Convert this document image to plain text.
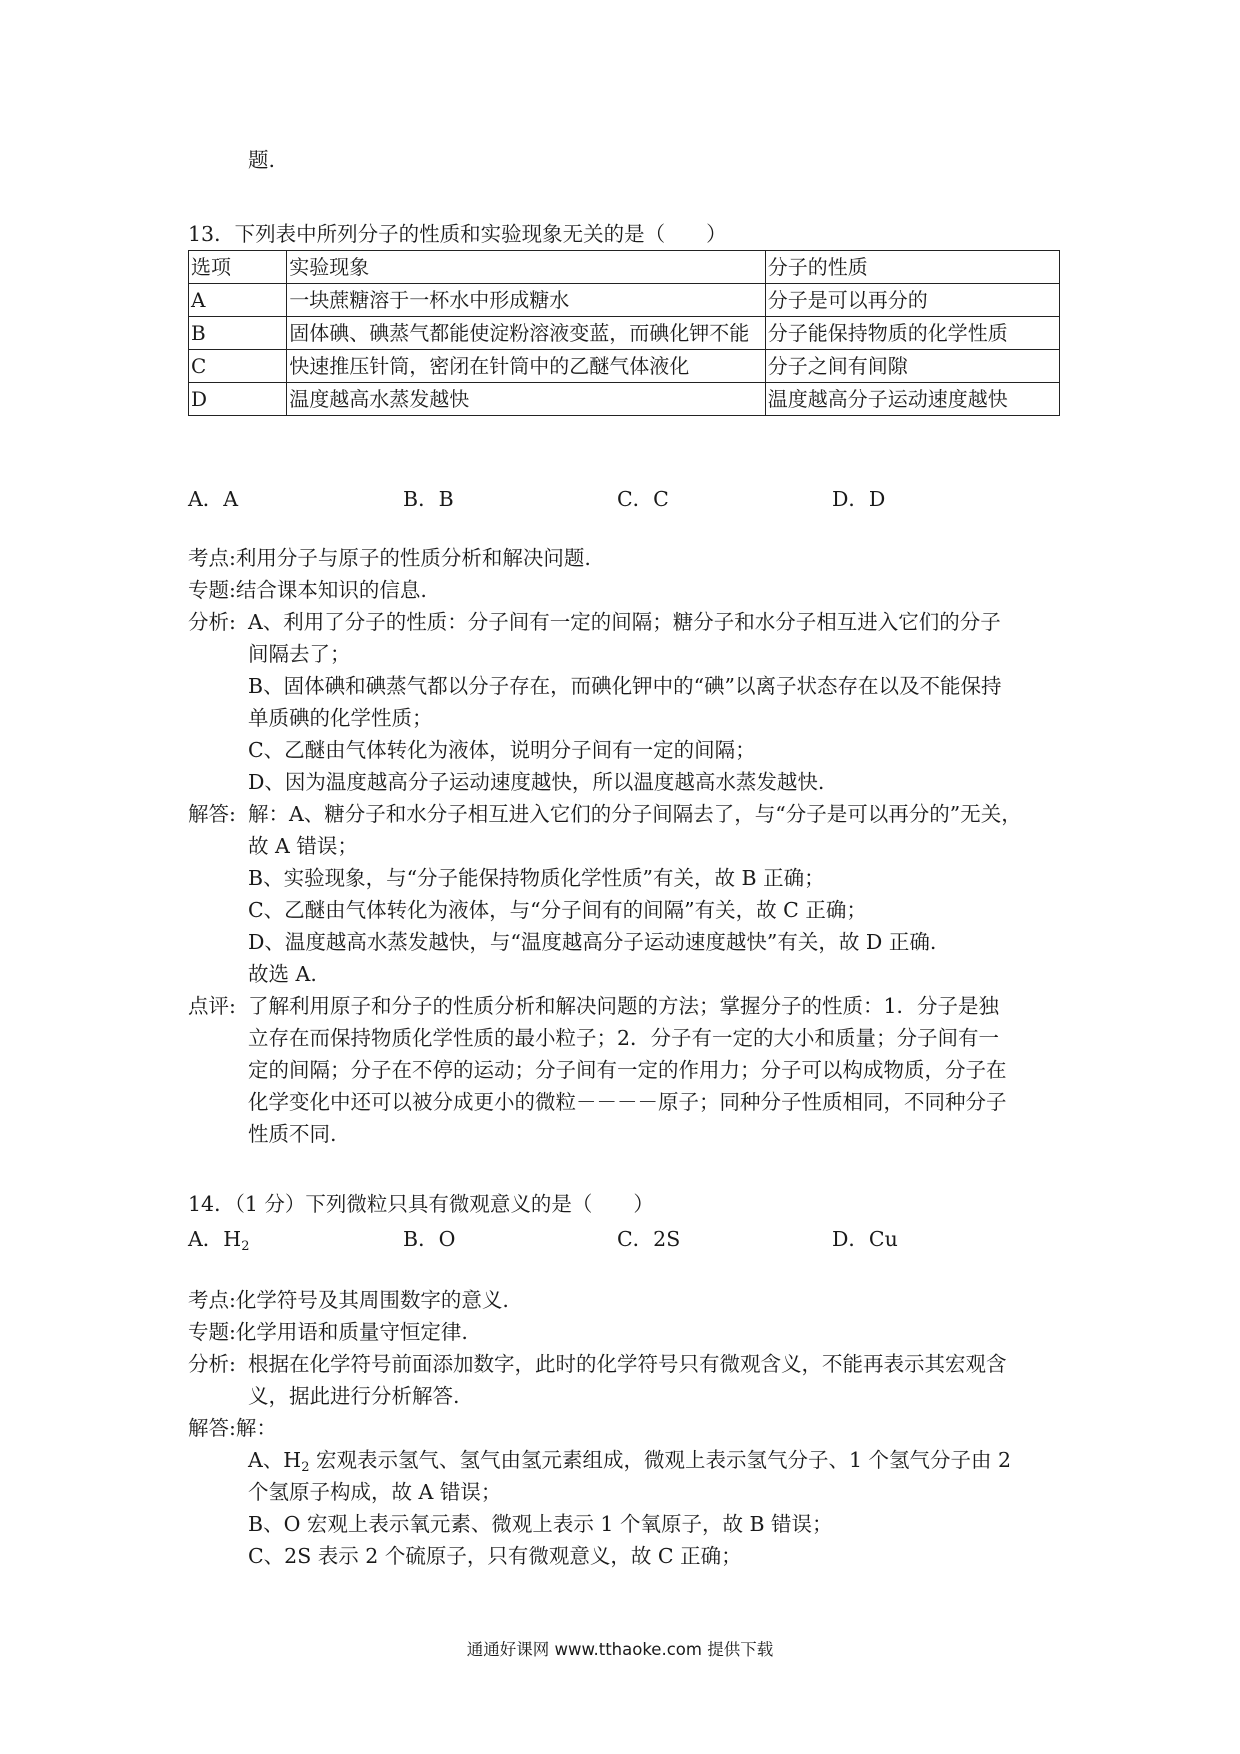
题.
13．下列表中所列分子的性质和实验现象无关的是（　　）
选项	实验现象	分子的性质
A	一块蔗糖溶于一杯水中形成糖水	分子是可以再分的
B	固体碘、碘蒸气都能使淀粉溶液变蓝，而碘化钾不能	分子能保持物质的化学性质
C	快速推压针筒，密闭在针筒中的乙醚气体液化	分子之间有间隙
D	温度越高水蒸发越快	温度越高分子运动速度越快
A．A	B．B	C．C	D．D
考点:利用分子与原子的性质分析和解决问题.
专题:结合课本知识的信息.
分析: A、利用了分子的性质：分子间有一定的间隔；糖分子和水分子相互进入它们的分子
间隔去了；
B、固体碘和碘蒸气都以分子存在，而碘化钾中的“碘”以离子状态存在以及不能保持
单质碘的化学性质；
C、乙醚由气体转化为液体，说明分子间有一定的间隔；
D、因为温度越高分子运动速度越快，所以温度越高水蒸发越快.
解答: 解：A、糖分子和水分子相互进入它们的分子间隔去了，与“分子是可以再分的”无关，
故 A 错误；
B、实验现象，与“分子能保持物质化学性质”有关，故 B 正确；
C、乙醚由气体转化为液体，与“分子间有的间隔”有关，故 C 正确；
D、温度越高水蒸发越快，与“温度越高分子运动速度越快”有关，故 D 正确.
故选 A.
点评: 了解利用原子和分子的性质分析和解决问题的方法；掌握分子的性质：1．分子是独
立存在而保持物质化学性质的最小粒子；2．分子有一定的大小和质量；分子间有一
定的间隔；分子在不停的运动；分子间有一定的作用力；分子可以构成物质，分子在
化学变化中还可以被分成更小的微粒－－－－原子；同种分子性质相同，不同种分子
性质不同.
14．（1 分）下列微粒只具有微观意义的是（　　）
A．$H_2$	B．O	C．2S	D．Cu
考点:化学符号及其周围数字的意义.
专题:化学用语和质量守恒定律.
分析: 根据在化学符号前面添加数字，此时的化学符号只有微观含义，不能再表示其宏观含
义，据此进行分析解答.
解答:解：
A、$H_2$ 宏观表示氢气、氢气由氢元素组成，微观上表示氢气分子、1 个氢气分子由 2
个氢原子构成，故 A 错误；
B、O 宏观上表示氧元素、微观上表示 1 个氧原子，故 B 错误；
C、2S 表示 2 个硫原子，只有微观意义，故 C 正确；
通通好课网 www.tthaoke.com 提供下载
